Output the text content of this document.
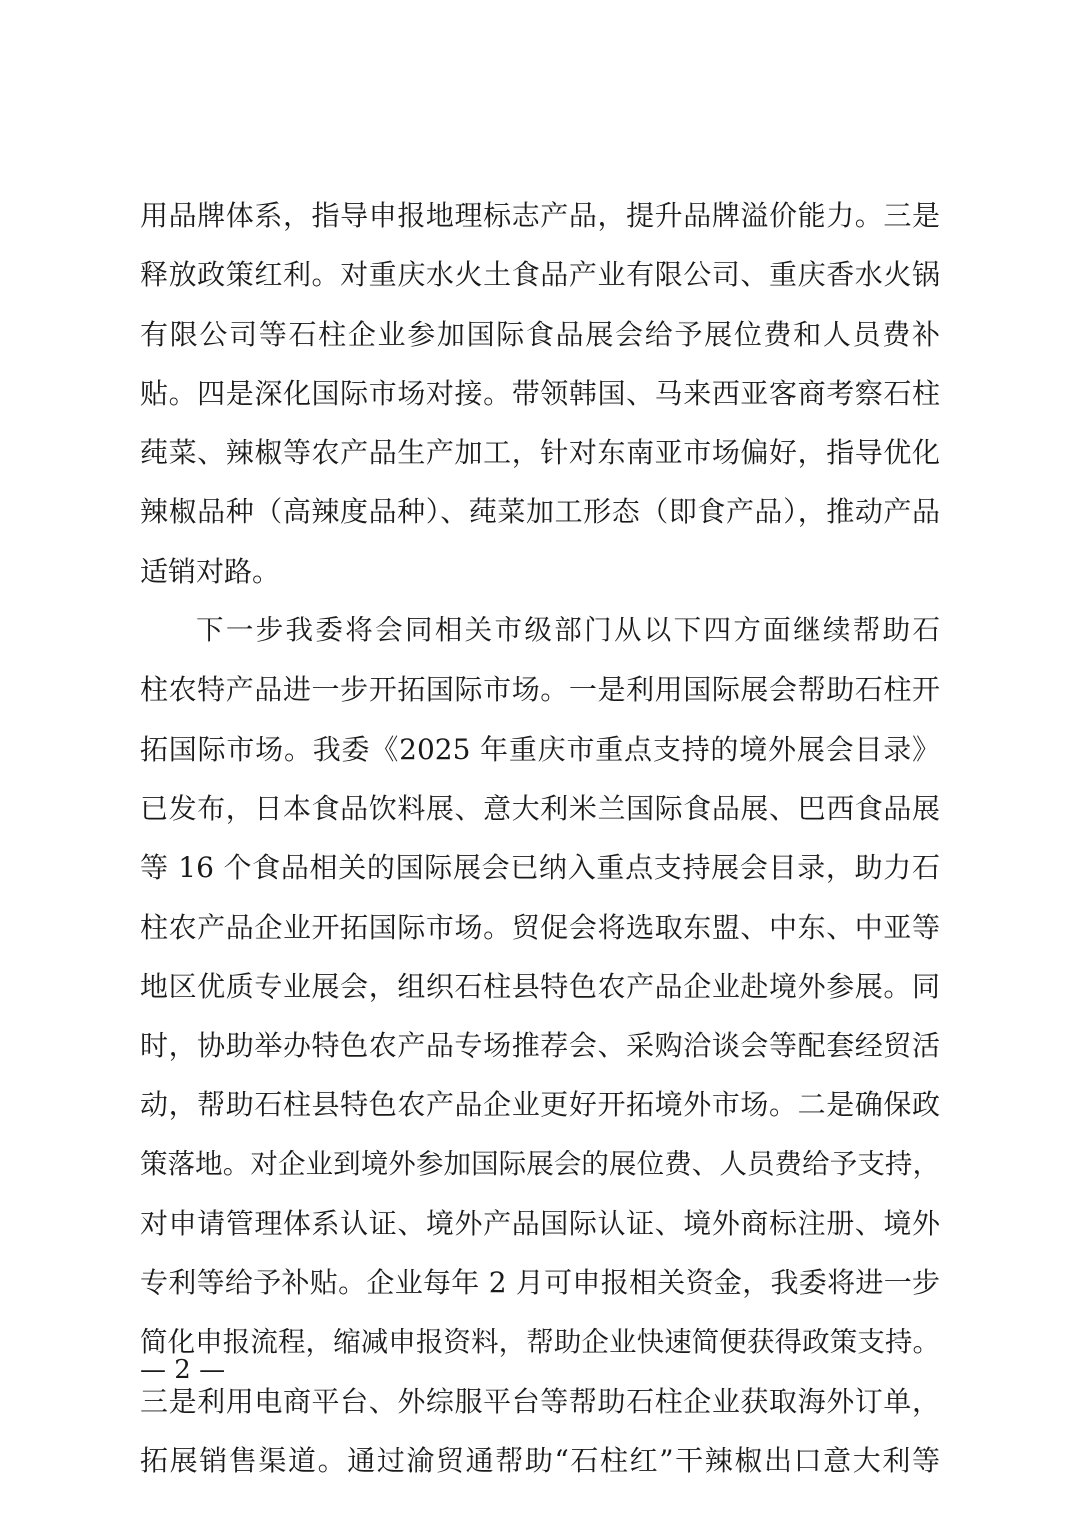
用品牌体系，指导申报地理标志产品，提升品牌溢价能力。三是
释放政策红利。对重庆水火土食品产业有限公司、重庆香水火锅
有限公司等石柱企业参加国际食品展会给予展位费和人员费补
贴。四是深化国际市场对接。带领韩国、马来西亚客商考察石柱
莼菜、辣椒等农产品生产加工，针对东南亚市场偏好，指导优化
辣椒品种（高辣度品种）、莼菜加工形态（即食产品），推动产品
适销对路。
下一步我委将会同相关市级部门从以下四方面继续帮助石
柱农特产品进一步开拓国际市场。一是利用国际展会帮助石柱开
拓国际市场。我委《2025 年重庆市重点支持的境外展会目录》
已发布，日本食品饮料展、意大利米兰国际食品展、巴西食品展
等 16 个食品相关的国际展会已纳入重点支持展会目录，助力石
柱农产品企业开拓国际市场。贸促会将选取东盟、中东、中亚等
地区优质专业展会，组织石柱县特色农产品企业赴境外参展。同
时，协助举办特色农产品专场推荐会、采购洽谈会等配套经贸活
动，帮助石柱县特色农产品企业更好开拓境外市场。二是确保政
策落地。对企业到境外参加国际展会的展位费、人员费给予支持，
对申请管理体系认证、境外产品国际认证、境外商标注册、境外
专利等给予补贴。企业每年 2 月可申报相关资金，我委将进一步
简化申报流程，缩减申报资料，帮助企业快速简便获得政策支持。
三是利用电商平台、外综服平台等帮助石柱企业获取海外订单，
拓展销售渠道。通过渝贸通帮助“石柱红”干辣椒出口意大利等
— 2 —
